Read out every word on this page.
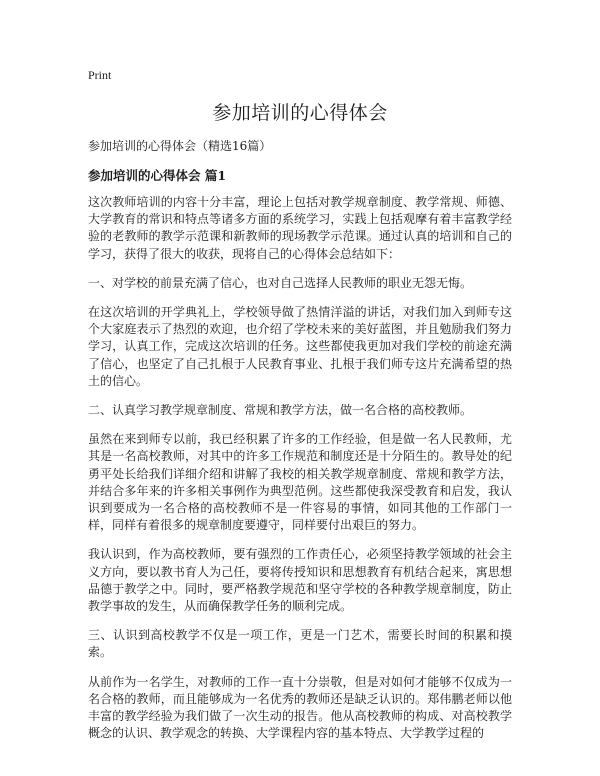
Print
参加培训的心得体会

参加培训的心得体会（精选16篇）

参加培训的心得体会 篇1

这次教师培训的内容十分丰富，理论上包括对教学规章制度、教学常规、师德、大学教育的常识和特点等诸多方面的系统学习，实践上包括观摩有着丰富教学经验的老教师的教学示范课和新教师的现场教学示范课。通过认真的培训和自己的学习，获得了很大的收获，现将自己的心得体会总结如下：

一、对学校的前景充满了信心，也对自己选择人民教师的职业无怨无悔。

在这次培训的开学典礼上，学校领导做了热情洋溢的讲话，对我们加入到师专这个大家庭表示了热烈的欢迎，也介绍了学校未来的美好蓝图，并且勉励我们努力学习，认真工作，完成这次培训的任务。这些都使我更加对我们学校的前途充满了信心，也坚定了自己扎根于人民教育事业、扎根于我们师专这片充满希望的热土的信心。

二、认真学习教学规章制度、常规和教学方法，做一名合格的高校教师。

虽然在来到师专以前，我已经积累了许多的工作经验，但是做一名人民教师，尤其是一名高校教师，对其中的许多工作规范和制度还是十分陌生的。教导处的纪勇平处长给我们详细介绍和讲解了我校的相关教学规章制度、常规和教学方法，并结合多年来的许多相关事例作为典型范例。这些都使我深受教育和启发，我认识到要成为一名合格的高校教师不是一件容易的事情，如同其他的工作部门一样，同样有着很多的规章制度要遵守，同样要付出艰巨的努力。

我认识到，作为高校教师，要有强烈的工作责任心，必须坚持教学领域的社会主义方向，要以教书育人为己任，要将传授知识和思想教育有机结合起来，寓思想品德于教学之中。同时，要严格教学规范和坚守学校的各种教学规章制度，防止教学事故的发生，从而确保教学任务的顺利完成。

三、认识到高校教学不仅是一项工作，更是一门艺术，需要长时间的积累和摸索。

从前作为一名学生，对教师的工作一直十分崇敬，但是对如何才能够不仅成为一名合格的教师，而且能够成为一名优秀的教师还是缺乏认识的。郑伟鹏老师以他丰富的教学经验为我们做了一次生动的报告。他从高校教师的构成、对高校教学概念的认识、教学观念的转换、大学课程内容的基本特点、大学教学过程的
